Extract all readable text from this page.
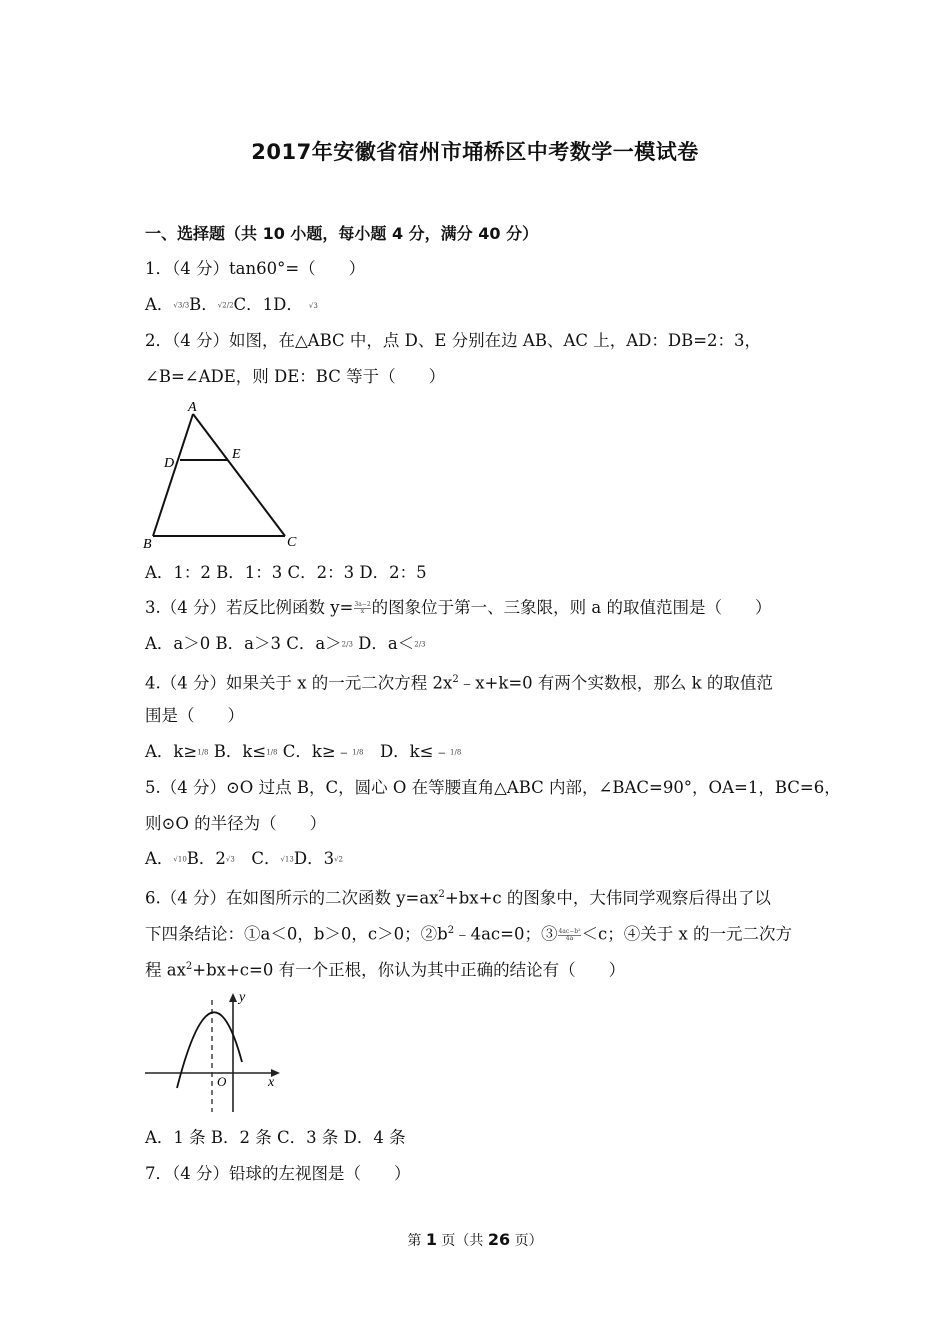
2017年安徽省宿州市埇桥区中考数学一模试卷
一、选择题（共 10 小题，每小题 4 分，满分 40 分）
1．（4 分）tan60°=（　　）
A．√3/3B．√2/2C．1D． √3
2．（4 分）如图，在△ABC 中，点 D、E 分别在边 AB、AC 上，AD：DB=2：3，
∠B=∠ADE，则 DE：BC 等于（　　）
A
D
E
B	C
A．1：2 B．1：3 C．2：3 D．2：5
3.（4 分）若反比例函数 $y= \frac{3a-2}{x}$ 的图象位于第一、三象限，则 a 的取值范围是（　　）
A．a＞0 B．a＞3 C．a＞2/3 D．a＜2/3
4.（4 分）如果关于 x 的一元二次方程 $2x^2﹣x+k=0$ 有两个实数根，那么 k 的取值范
围是（　　）
A．k≥1/8 B．k≤1/8 C．k≥﹣1/8　D．k≤﹣1/8
5.（4 分）⊙O 过点 B，C，圆心 O 在等腰直角△ABC 内部，∠BAC=90°，OA=1，BC=6，
则⊙O 的半径为（　　）
A．√10B．2√3　C．√13D．3√2
6.（4 分）在如图所示的二次函数 $y=ax^2+bx+c$ 的图象中，大伟同学观察后得出了以
下四条结论：①a＜0，b＞0，c＞0；$②b^2﹣4ac=0$；③ $\frac{\text{4ac−b²}}{4a} <c$；④关于 x 的一元二次方
程 $ax^2+bx+c=0$ 有一个正根，你认为其中正确的结论有（　　）
y
x
O
A．1 条 B．2 条 C．3 条 D．4 条
7．（4 分）铅球的左视图是（　　）
第 1 页（共 26 页）
